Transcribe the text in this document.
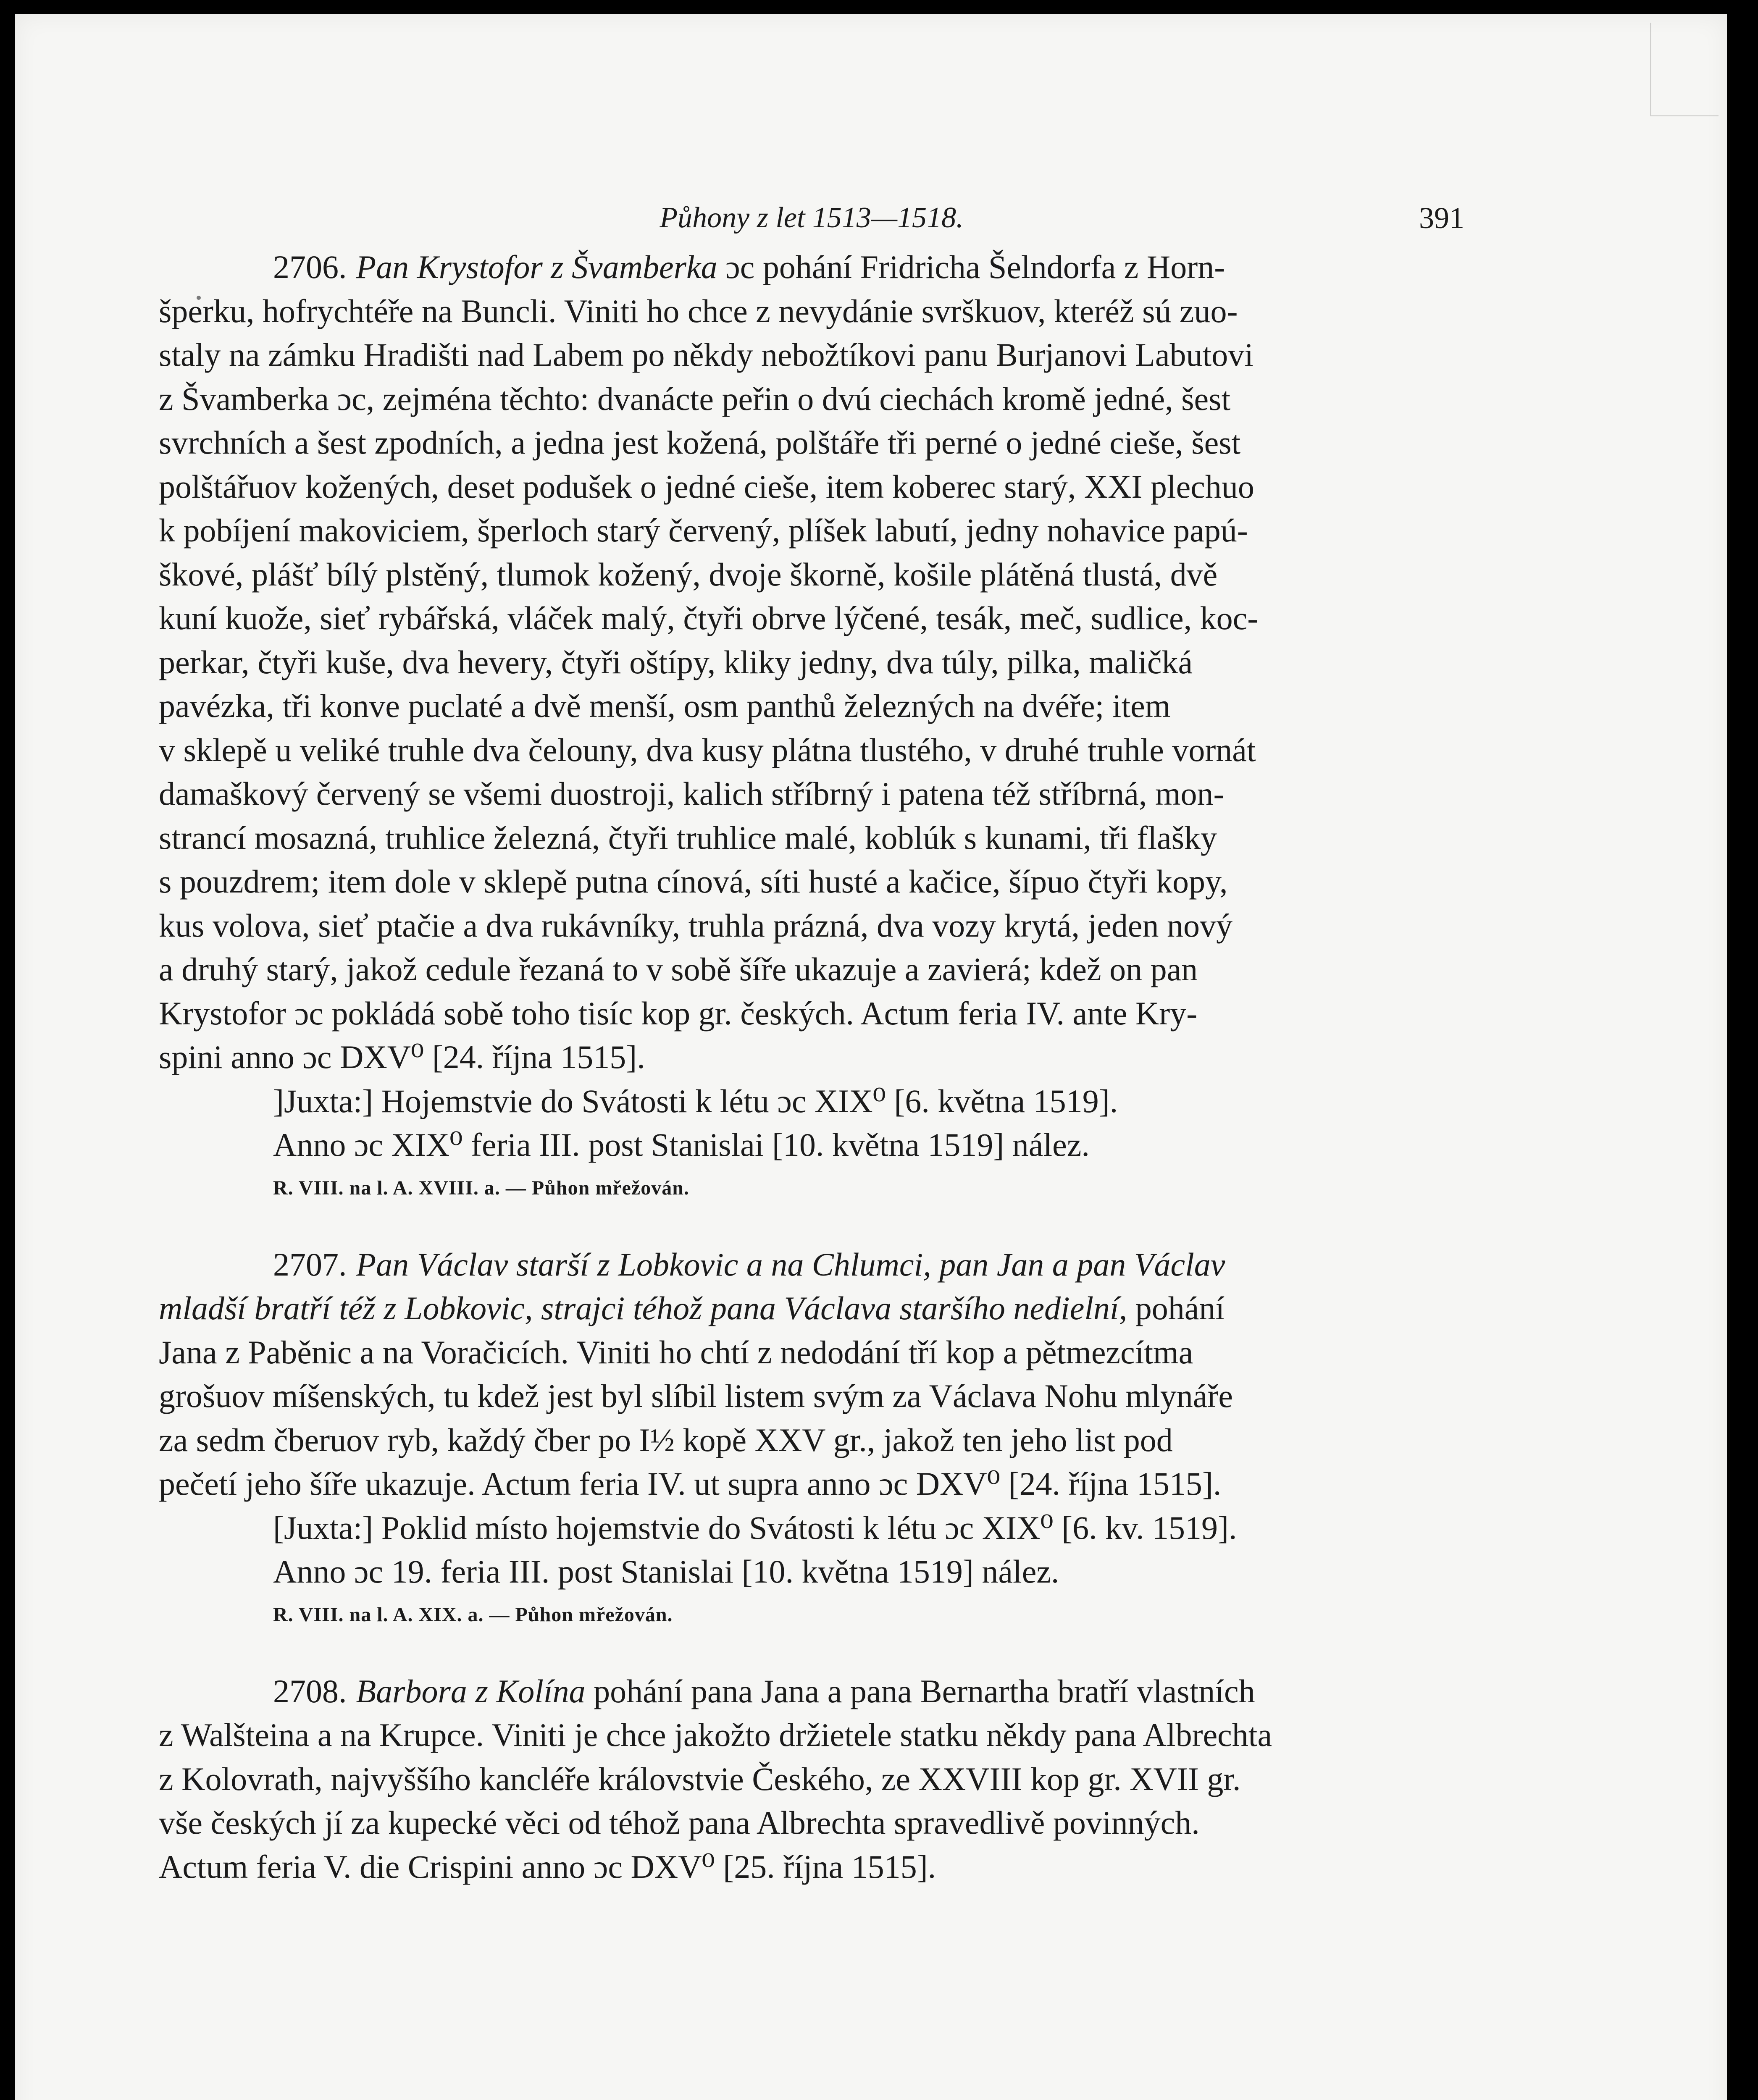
Půhony z let 1513—1518.	391

2706. Pan Krystofor z Švamberka ɔc pohání Fridricha Šelndorfa z Horn-

šperku, hofrychtéře na Buncli. Viniti ho chce z nevydánie svrškuov, kteréž sú zuo-

staly na zámku Hradišti nad Labem po někdy nebožtíkovi panu Burjanovi Labutovi

z Švamberka ɔc, zejména těchto: dvanácte peřin o dvú ciechách kromě jedné, šest

svrchních a šest zpodních, a jedna jest kožená, polštáře tři perné o jedné cieše, šest

polštářuov kožených, deset podušek o jedné cieše, item koberec starý, XXI plechuo

k pobíjení makoviciem, šperloch starý červený, plíšek labutí, jedny nohavice papú-

škové, plášť bílý plstěný, tlumok kožený, dvoje škorně, košile plátěná tlustá, dvě

kuní kuože, sieť rybářská, vláček malý, čtyři obrve lýčené, tesák, meč, sudlice, koc-

perkar, čtyři kuše, dva hevery, čtyři oštípy, kliky jedny, dva túly, pilka, maličká

pavézka, tři konve puclaté a dvě menší, osm panthů železných na dvéře; item

v sklepě u veliké truhle dva čelouny, dva kusy plátna tlustého, v druhé truhle vornát

damaškový červený se všemi duostroji, kalich stříbrný i patena též stříbrná, mon-

strancí mosazná, truhlice železná, čtyři truhlice malé, koblúk s kunami, tři flašky

s pouzdrem; item dole v sklepě putna cínová, síti husté a kačice, šípuo čtyři kopy,

kus volova, sieť ptačie a dva rukávníky, truhla prázná, dva vozy krytá, jeden nový

a druhý starý, jakož cedule řezaná to v sobě šíře ukazuje a zavierá; kdež on pan

Krystofor ɔc pokládá sobě toho tisíc kop gr. českých. Actum feria IV. ante Kry-

spini anno ɔc DXV⁰ [24. října 1515].

]Juxta:] Hojemstvie do Svátosti k létu ɔc XIX⁰ [6. května 1519].

Anno ɔc XIX⁰ feria III. post Stanislai [10. května 1519] nález.

R. VIII. na l. A. XVIII. a. — Půhon mřežován.

2707. Pan Václav starší z Lobkovic a na Chlumci, pan Jan a pan Václav

mladší bratří též z Lobkovic, strajci téhož pana Václava staršího nedielní, pohání

Jana z Paběnic a na Voračicích. Viniti ho chtí z nedodání tří kop a pětmezcítma

grošuov míšenských, tu kdež jest byl slíbil listem svým za Václava Nohu mlynáře

za sedm čberuov ryb, každý čber po I½ kopě XXV gr., jakož ten jeho list pod

pečetí jeho šíře ukazuje. Actum feria IV. ut supra anno ɔc DXV⁰ [24. října 1515].

[Juxta:] Poklid místo hojemstvie do Svátosti k létu ɔc XIX⁰ [6. kv. 1519].

Anno ɔc 19. feria III. post Stanislai [10. května 1519] nález.

R. VIII. na l. A. XIX. a. — Půhon mřežován.

2708. Barbora z Kolína pohání pana Jana a pana Bernartha bratří vlastních

z Walšteina a na Krupce. Viniti je chce jakožto držietele statku někdy pana Albrechta

z Kolovrath, najvyššího kancléře královstvie Českého, ze XXVIII kop gr. XVII gr.

vše českých jí za kupecké věci od téhož pana Albrechta spravedlivě povinných.

Actum feria V. die Crispini anno ɔc DXV⁰ [25. října 1515].
